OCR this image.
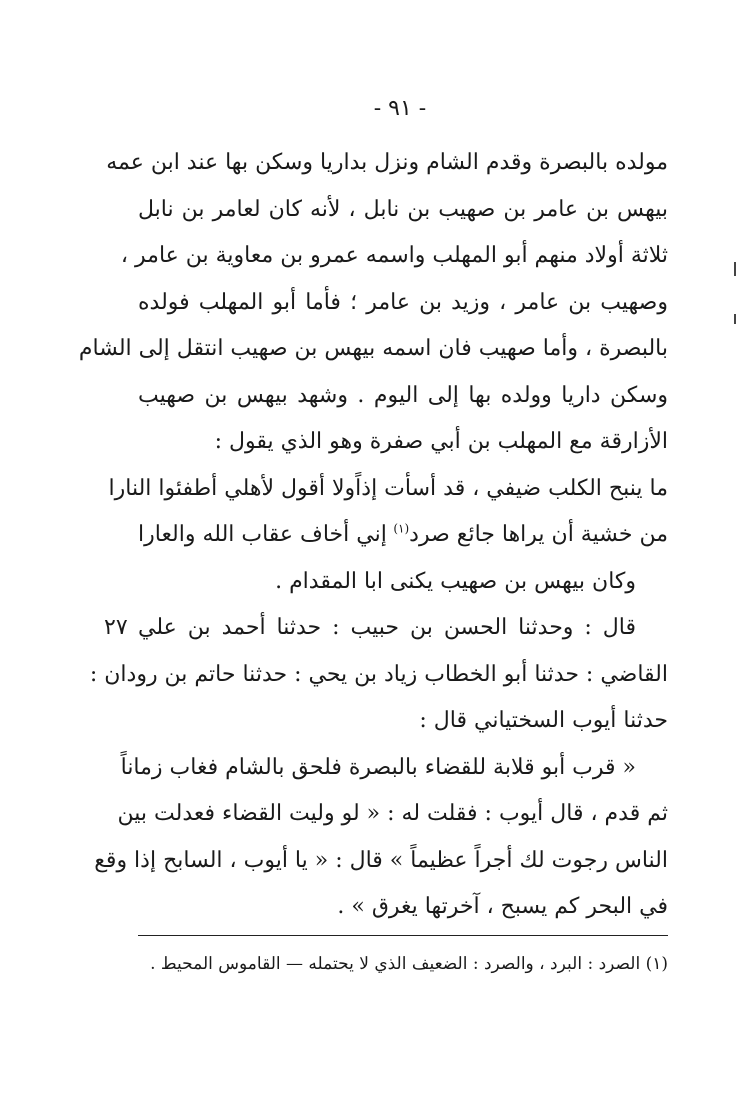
- ٩١ -
مولده بالبصرة وقدم الشام ونزل بداريا وسكن بها عند ابن عمه
بيهس بن عامر بن صهيب بن نابل ، لأنه كان لعامر بن نابل
ثلاثة أولاد منهم أبو المهلب واسمه عمرو بن معاوية بن عامر ،
وصهيب بن عامر ، وزيد بن عامر ؛ فأما أبو المهلب فولده
بالبصرة ، وأما صهيب فان اسمه بيهس بن صهيب انتقل إلى الشام
وسكن داريا وولده بها إلى اليوم . وشهد بيهس بن صهيب
الأزارقة مع المهلب بن أبي صفرة وهو الذي يقول :
ما ينبح الكلب ضيفي ، قد أسأت إذاً
ولا أقول لأهلي أطفئوا النارا
من خشية أن يراها جائع صرد$^{(١)}$
إني أخاف عقاب الله والعارا
وكان بيهس بن صهيب يكنى ابا المقدام .
قال : وحدثنا الحسن بن حبيب : حدثنا أحمد بن علي
القاضي : حدثنا أبو الخطاب زياد بن يحي : حدثنا حاتم بن رودان :
حدثنا أيوب السختياني قال :
« قرب أبو قلابة للقضاء بالبصرة فلحق بالشام فغاب زماناً
ثم قدم ، قال أيوب : فقلت له : « لو وليت القضاء فعدلت بين
الناس رجوت لك أجراً عظيماً » قال : « يا أيوب ، السابح إذا وقع
في البحر كم يسبح ، آخرتها يغرق » .
٢٧
(١) الصرد : البرد ، والصرد : الضعيف الذي لا يحتمله — القاموس المحيط .
